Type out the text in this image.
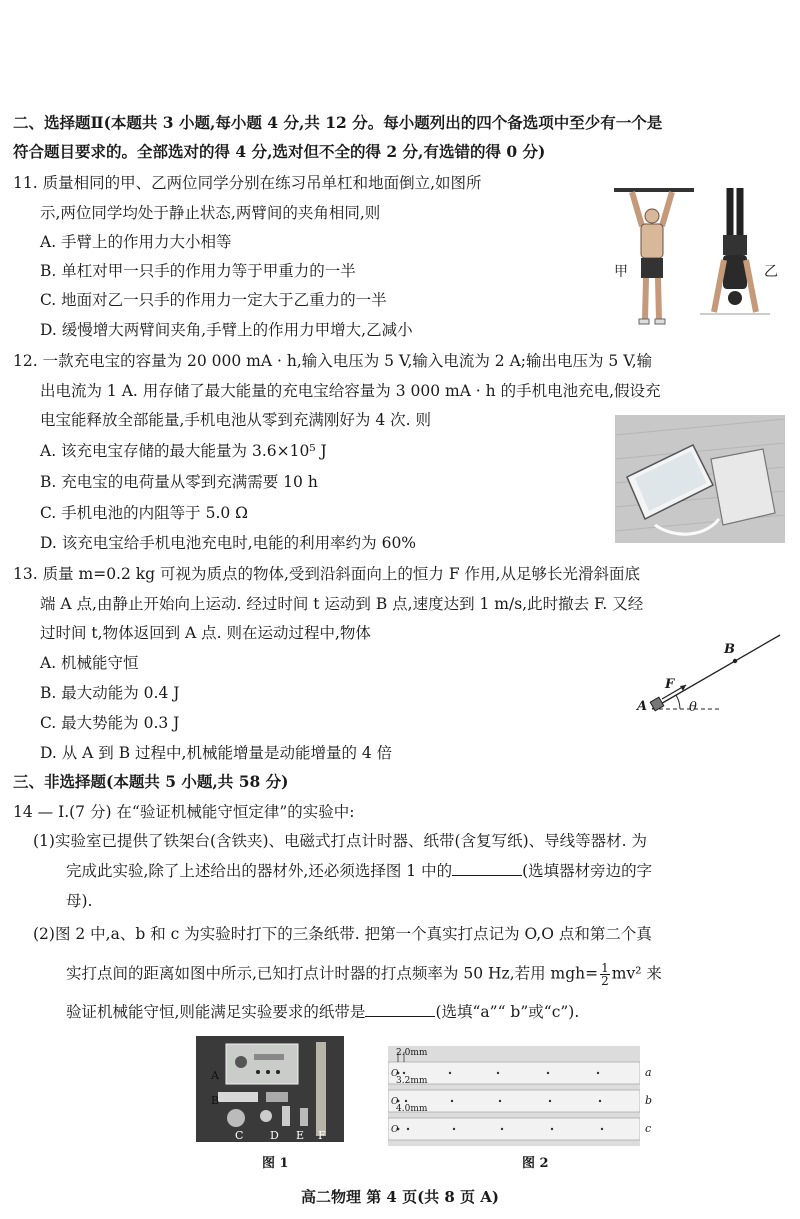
二、选择题Ⅱ(本题共 3 小题,每小题 4 分,共 12 分。每小题列出的四个备选项中至少有一个是
符合题目要求的。全部选对的得 4 分,选对但不全的得 2 分,有选错的得 0 分)
11. 质量相同的甲、乙两位同学分别在练习吊单杠和地面倒立,如图所
示,两位同学均处于静止状态,两臂间的夹角相同,则
A. 手臂上的作用力大小相等
B. 单杠对甲一只手的作用力等于甲重力的一半
C. 地面对乙一只手的作用力一定大于乙重力的一半
D. 缓慢增大两臂间夹角,手臂上的作用力甲增大,乙减小
甲	乙
12. 一款充电宝的容量为 20 000 mA · h,输入电压为 5 V,输入电流为 2 A;输出电压为 5 V,输
出电流为 1 A. 用存储了最大能量的充电宝给容量为 3 000 mA · h 的手机电池充电,假设充
电宝能释放全部能量,手机电池从零到充满刚好为 4 次. 则
A. 该充电宝存储的最大能量为 3.6×10⁵ J
B. 充电宝的电荷量从零到充满需要 10 h
C. 手机电池的内阻等于 5.0 Ω
D. 该充电宝给手机电池充电时,电能的利用率约为 60%
13. 质量 m=0.2 kg 可视为质点的物体,受到沿斜面向上的恒力 F 作用,从足够长光滑斜面底
端 A 点,由静止开始向上运动. 经过时间 t 运动到 B 点,速度达到 1 m/s,此时撤去 F. 又经
过时间 t,物体返回到 A 点. 则在运动过程中,物体
A. 机械能守恒
B. 最大动能为 0.4 J
C. 最大势能为 0.3 J
D. 从 A 到 B 过程中,机械能增量是动能增量的 4 倍
B
F
A	θ
三、非选择题(本题共 5 小题,共 58 分)
14 — Ⅰ.(7 分) 在“验证机械能守恒定律”的实验中:
(1)实验室已提供了铁架台(含铁夹)、电磁式打点计时器、纸带(含复写纸)、导线等器材. 为
完成此实验,除了上述给出的器材外,还必须选择图 1 中的	(选填器材旁边的字
母).
(2)图 2 中,a、b 和 c 为实验时打下的三条纸带. 把第一个真实打点记为 O,O 点和第二个真
实打点间的距离如图中所示,已知打点计时器的打点频率为 50 Hz,若用 $mgh= \frac{1}{2} mv^2$ 来
验证机械能守恒,则能满足实验要求的纸带是	(选填“a”“ b”或“c”).
A
B
C D E F
图 1
2.0mm
3.2mm
4.0mm
O
O
O
a
b
c
图 2
高二物理 第 4 页(共 8 页 A)
